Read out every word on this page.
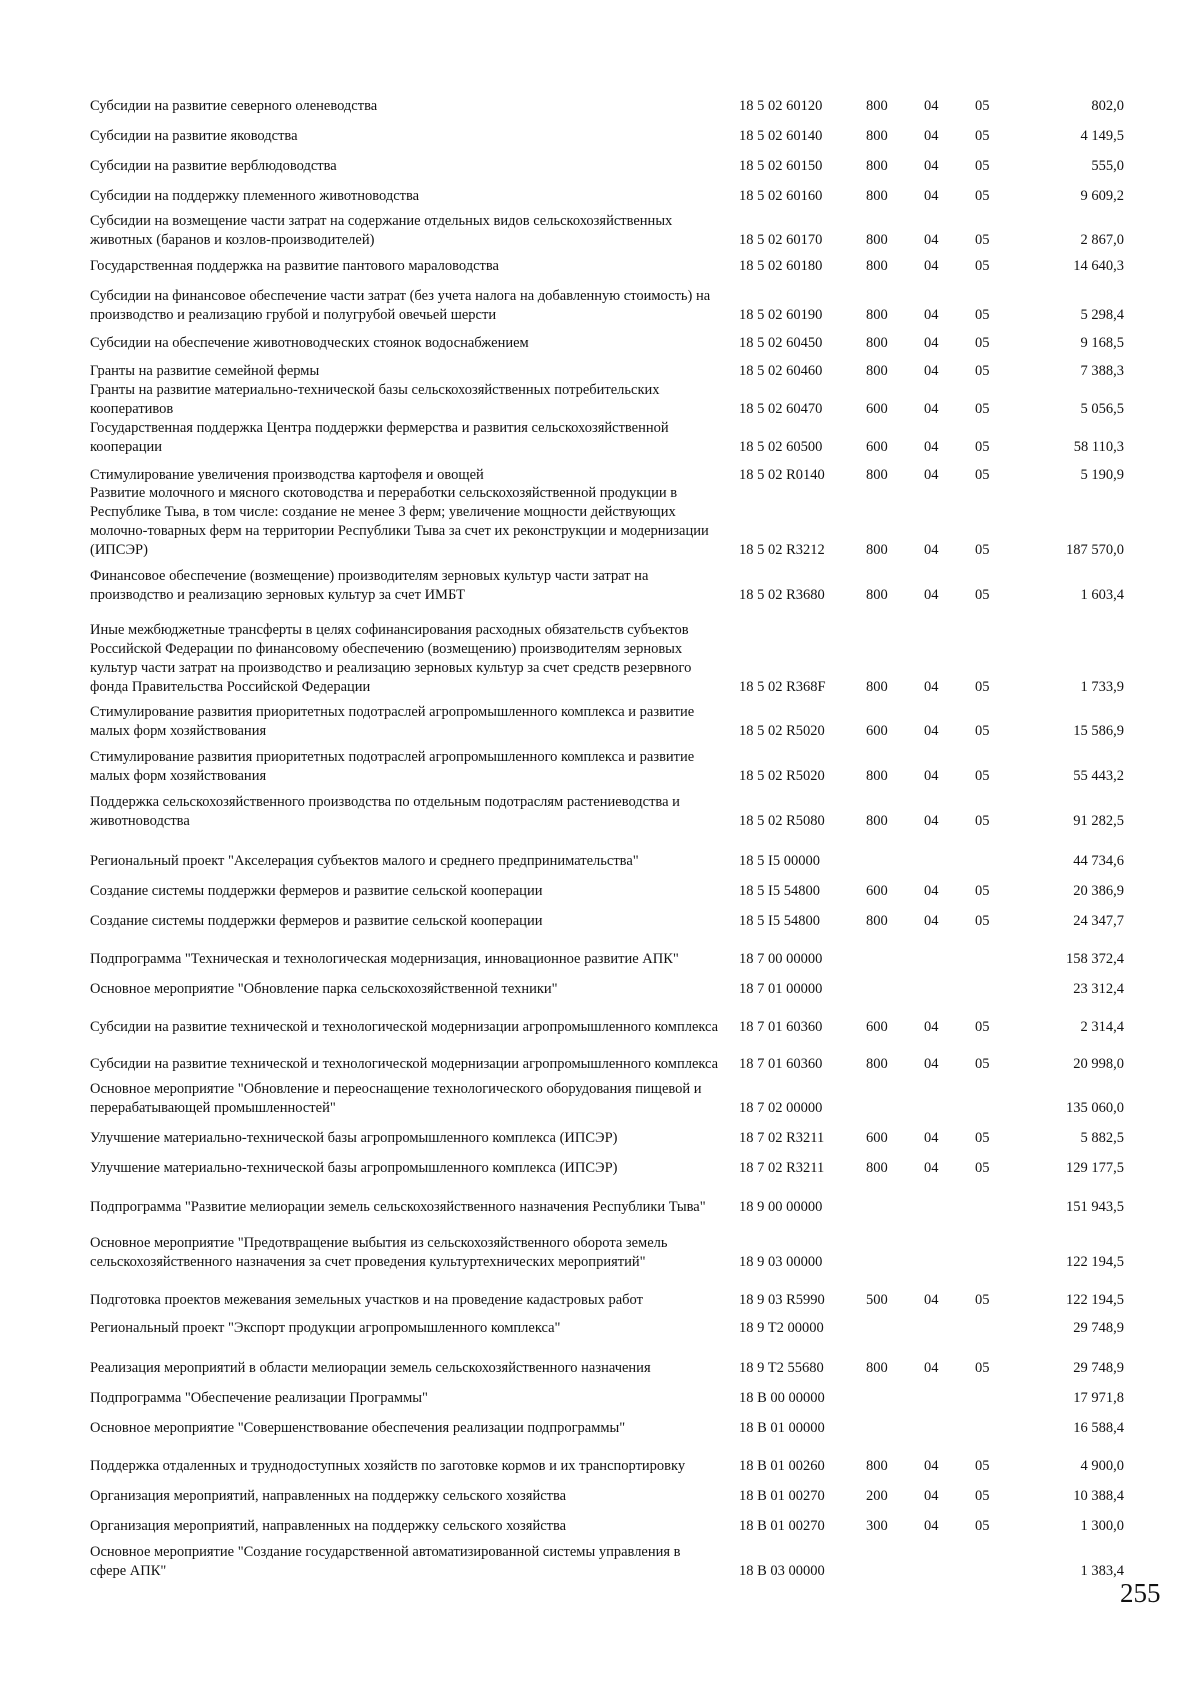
Субсидии на развитие северного оленеводства	18 5 02 60120	800	04	05	802,0
Субсидии на развитие яководства	18 5 02 60140	800	04	05	4 149,5
Субсидии на развитие верблюдоводства	18 5 02 60150	800	04	05	555,0
Субсидии на поддержку племенного животноводства	18 5 02 60160	800	04	05	9 609,2
Субсидии на возмещение части затрат на содержание отдельных видов сельскохозяйственных животных (баранов и козлов-производителей)	18 5 02 60170	800	04	05	2 867,0
Государственная поддержка на развитие пантового мараловодства	18 5 02 60180	800	04	05	14 640,3
Субсидии на финансовое обеспечение части затрат (без учета налога на добавленную стоимость) на производство и реализацию грубой и полугрубой овечьей шерсти	18 5 02 60190	800	04	05	5 298,4
Субсидии на обеспечение животноводческих стоянок водоснабжением	18 5 02 60450	800	04	05	9 168,5
Гранты на развитие семейной фермы	18 5 02 60460	800	04	05	7 388,3
Гранты на развитие материально-технической базы сельскохозяйственных потребительских кооперативов	18 5 02 60470	600	04	05	5 056,5
Государственная поддержка Центра поддержки фермерства и развития сельскохозяйственной кооперации	18 5 02 60500	600	04	05	58 110,3
Стимулирование увеличения производства картофеля и овощей	18 5 02 R0140	800	04	05	5 190,9
Развитие молочного и мясного скотоводства и переработки сельскохозяйственной продукции в Республике Тыва, в том числе: создание не менее 3 ферм; увеличение мощности действующих молочно-товарных ферм на территории Республики Тыва за счет их реконструкции и модернизации (ИПСЭР)	18 5 02 R3212	800	04	05	187 570,0
Финансовое обеспечение (возмещение) производителям зерновых культур части затрат на производство и реализацию зерновых культур за счет ИМБТ	18 5 02 R3680	800	04	05	1 603,4
Иные межбюджетные трансферты в целях софинансирования расходных обязательств субъектов Российской Федерации по финансовому обеспечению (возмещению) производителям зерновых культур части затрат на производство и реализацию зерновых культур за счет средств резервного фонда Правительства Российской Федерации	18 5 02 R368F	800	04	05	1 733,9
Стимулирование развития приоритетных подотраслей агропромышленного комплекса и развитие малых форм хозяйствования	18 5 02 R5020	600	04	05	15 586,9
Стимулирование развития приоритетных подотраслей агропромышленного комплекса и развитие малых форм хозяйствования	18 5 02 R5020	800	04	05	55 443,2
Поддержка сельскохозяйственного производства по отдельным подотраслям растениеводства и животноводства	18 5 02 R5080	800	04	05	91 282,5
Региональный проект "Акселерация субъектов малого и среднего предпринимательства"	18 5 I5 00000	44 734,6
Создание системы поддержки фермеров и развитие сельской кооперации	18 5 I5 54800	600	04	05	20 386,9
Создание системы поддержки фермеров и развитие сельской кооперации	18 5 I5 54800	800	04	05	24 347,7
Подпрограмма "Техническая и технологическая модернизация, инновационное развитие АПК"	18 7 00 00000	158 372,4
Основное мероприятие "Обновление парка сельскохозяйственной техники"	18 7 01 00000	23 312,4
Субсидии на развитие технической и технологической модернизации агропромышленного комплекса 18 7 01 60360	600	04	05	2 314,4
Субсидии на развитие технической и технологической модернизации агропромышленного комплекса 18 7 01 60360	800	04	05	20 998,0
Основное мероприятие "Обновление и переоснащение технологического оборудования пищевой и перерабатывающей промышленностей"	18 7 02 00000	135 060,0
Улучшение материально-технической базы агропромышленного комплекса (ИПСЭР)	18 7 02 R3211	600	04	05	5 882,5
Улучшение материально-технической базы агропромышленного комплекса (ИПСЭР)	18 7 02 R3211	800	04	05	129 177,5
Подпрограмма "Развитие мелиорации земель сельскохозяйственного назначения Республики Тыва"	18 9 00 00000	151 943,5
Основное мероприятие "Предотвращение выбытия из сельскохозяйственного оборота земель сельскохозяйственного назначения за счет проведения культуртехнических мероприятий"	18 9 03 00000	122 194,5
Подготовка проектов межевания земельных участков и на проведение кадастровых работ	18 9 03 R5990	500	04	05	122 194,5
Региональный проект "Экспорт продукции агропромышленного комплекса"	18 9 T2 00000	29 748,9
Реализация мероприятий в области мелиорации земель сельскохозяйственного назначения	18 9 T2 55680	800	04	05	29 748,9
Подпрограмма "Обеспечение реализации Программы"	18 B 00 00000	17 971,8
Основное мероприятие "Совершенствование обеспечения реализации подпрограммы"	18 B 01 00000	16 588,4
Поддержка отдаленных и труднодоступных хозяйств по заготовке кормов и их транспортировку	18 B 01 00260	800	04	05	4 900,0
Организация мероприятий, направленных на поддержку сельского хозяйства	18 B 01 00270	200	04	05	10 388,4
Организация мероприятий, направленных на поддержку сельского хозяйства	18 B 01 00270	300	04	05	1 300,0
Основное мероприятие "Создание государственной автоматизированной системы управления в сфере АПК"	18 B 03 00000	1 383,4
255
